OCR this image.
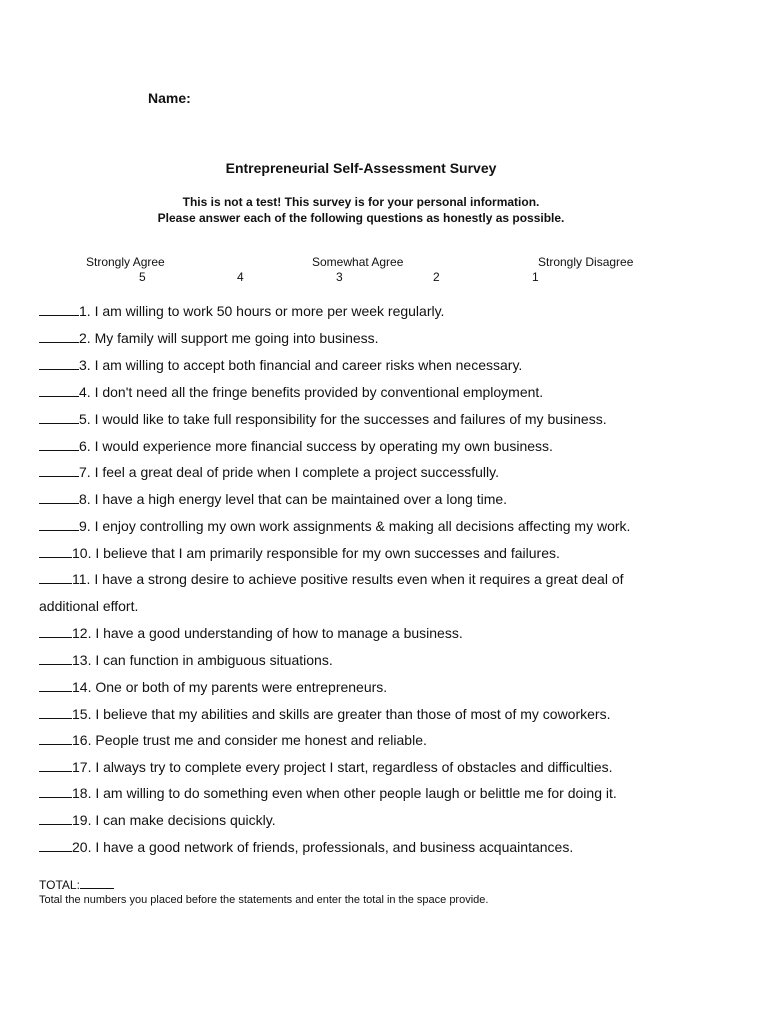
Name:
Entrepreneurial Self-Assessment Survey
This is not a test! This survey is for your personal information.
Please answer each of the following questions as honestly as possible.
Strongly Agree	Somewhat Agree	Strongly Disagree
5	4	3	2	1
1. I am willing to work 50 hours or more per week regularly.
2. My family will support me going into business.
3. I am willing to accept both financial and career risks when necessary.
4. I don't need all the fringe benefits provided by conventional employment.
5. I would like to take full responsibility for the successes and failures of my business.
6. I would experience more financial success by operating my own business.
7. I feel a great deal of pride when I complete a project successfully.
8. I have a high energy level that can be maintained over a long time.
9. I enjoy controlling my own work assignments & making all decisions affecting my work.
10. I believe that I am primarily responsible for my own successes and failures.
11. I have a strong desire to achieve positive results even when it requires a great deal of
additional effort.
12. I have a good understanding of how to manage a business.
13. I can function in ambiguous situations.
14. One or both of my parents were entrepreneurs.
15. I believe that my abilities and skills are greater than those of most of my coworkers.
16. People trust me and consider me honest and reliable.
17. I always try to complete every project I start, regardless of obstacles and difficulties.
18. I am willing to do something even when other people laugh or belittle me for doing it.
19. I can make decisions quickly.
20. I have a good network of friends, professionals, and business acquaintances.
TOTAL:
Total the numbers you placed before the statements and enter the total in the space provide.
